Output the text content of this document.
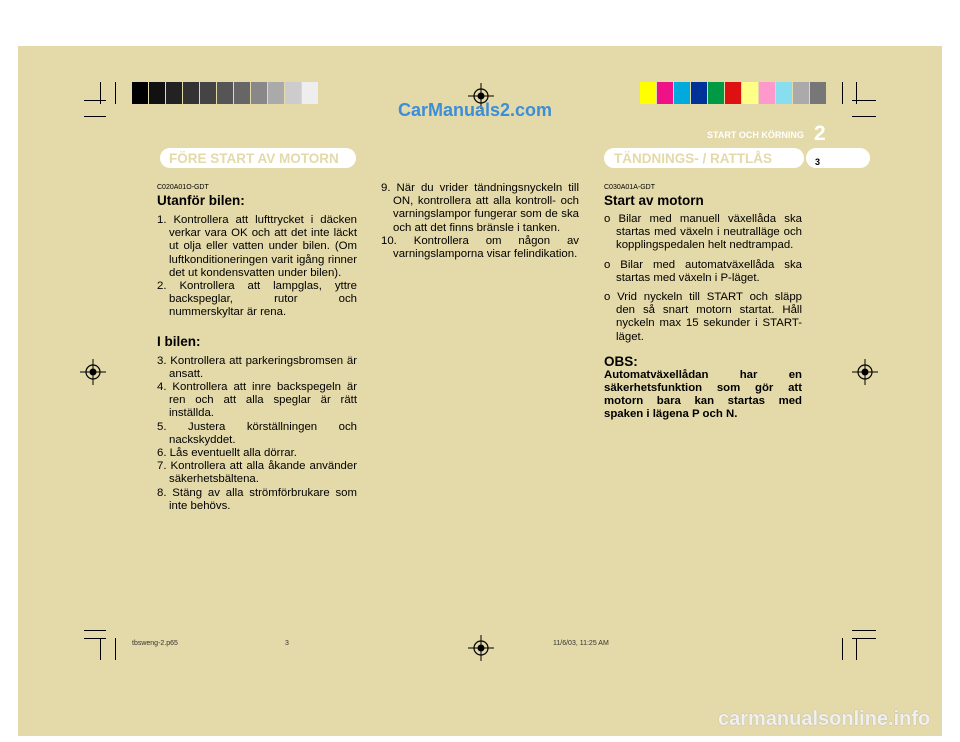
CarManuals2.com
START OCH KÖRNING 2
FÖRE START AV MOTORN	TÄNDNINGS- / RATTLÅS	3
C020A01O-GDT
Utanför bilen:
1. Kontrollera att lufttrycket i däcken verkar vara OK och att det inte läckt ut olja eller vatten under bilen. (Om luftkonditioneringen varit igång rinner det ut kondensvatten under bilen).
2. Kontrollera att lampglas, yttre backspeglar, rutor och nummerskyltar är rena.
I bilen:
3. Kontrollera att parkeringsbromsen är ansatt.
4. Kontrollera att inre backspegeln är ren och att alla speglar är rätt inställda.
5. Justera körställningen och nackskyddet.
6. Lås eventuellt alla dörrar.
7. Kontrollera att alla åkande använder säkerhetsbältena.
8. Stäng av alla strömförbrukare som inte behövs.
9. När du vrider tändningsnyckeln till ON, kontrollera att alla kontroll- och varningslampor fungerar som de ska och att det finns bränsle i tanken.
10. Kontrollera om någon av varningslamporna visar felindikation.
C030A01A-GDT
Start av motorn
o Bilar med manuell växellåda ska startas med växeln i neutralläge och kopplingspedalen helt nedtrampad.
o Bilar med automatväxellåda ska startas med växeln i P-läget.
o Vrid nyckeln till START och släpp den så snart motorn startat. Håll nyckeln max 15 sekunder i START-läget.
OBS:
Automatväxellådan har en säkerhetsfunktion som gör att motorn bara kan startas med spaken i lägena P och N.
tbsweng-2.p65	3	11/6/03, 11:25 AM
carmanualsonline.info
